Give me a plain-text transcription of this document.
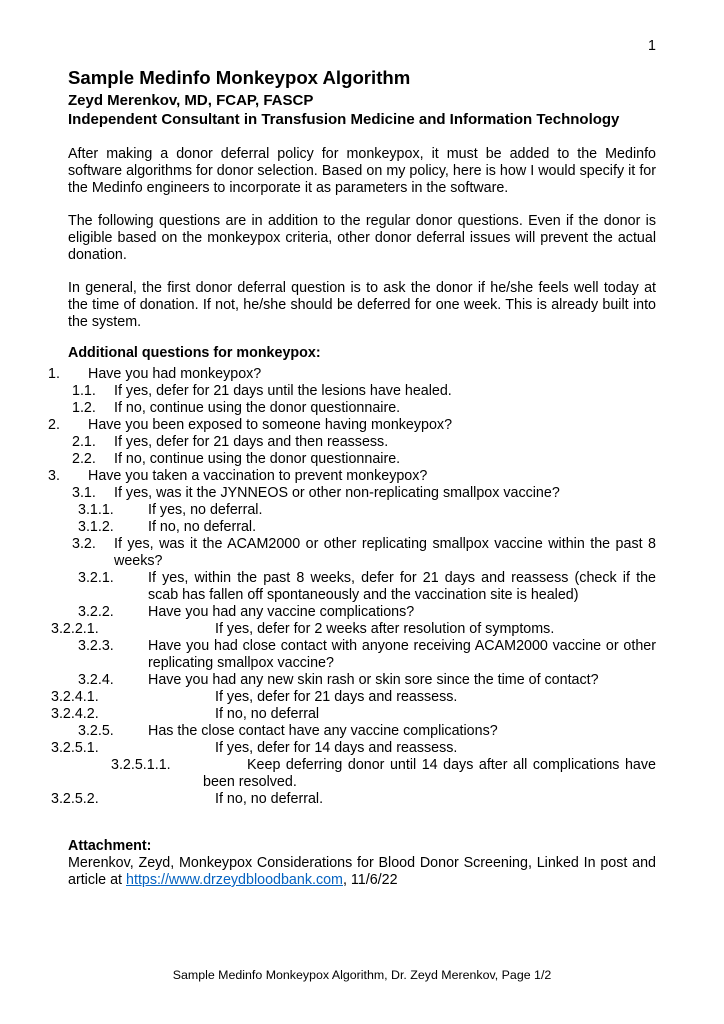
1
Sample Medinfo Monkeypox Algorithm
Zeyd Merenkov, MD, FCAP, FASCP
Independent Consultant in Transfusion Medicine and Information Technology
After making a donor deferral policy for monkeypox, it must be added to the Medinfo software algorithms for donor selection. Based on my policy, here is how I would specify it for the Medinfo engineers to incorporate it as parameters in the software.
The following questions are in addition to the regular donor questions. Even if the donor is eligible based on the monkeypox criteria, other donor deferral issues will prevent the actual donation.
In general, the first donor deferral question is to ask the donor if he/she feels well today at the time of donation. If not, he/she should be deferred for one week. This is already built into the system.
Additional questions for monkeypox:
1. Have you had monkeypox?
1.1. If yes, defer for 21 days until the lesions have healed.
1.2. If no, continue using the donor questionnaire.
2. Have you been exposed to someone having monkeypox?
2.1. If yes, defer for 21 days and then reassess.
2.2. If no, continue using the donor questionnaire.
3. Have you taken a vaccination to prevent monkeypox?
3.1. If yes, was it the JYNNEOS or other non-replicating smallpox vaccine?
3.1.1. If yes, no deferral.
3.1.2. If no, no deferral.
3.2. If yes, was it the ACAM2000 or other replicating smallpox vaccine within the past 8 weeks?
3.2.1. If yes, within the past 8 weeks, defer for 21 days and reassess (check if the scab has fallen off spontaneously and the vaccination site is healed)
3.2.2. Have you had any vaccine complications?
3.2.2.1.	If yes, defer for 2 weeks after resolution of symptoms.
3.2.3. Have you had close contact with anyone receiving ACAM2000 vaccine or other replicating smallpox vaccine?
3.2.4. Have you had any new skin rash or skin sore since the time of contact?
3.2.4.1.	If yes, defer for 21 days and reassess.
3.2.4.2.	If no, no deferral
3.2.5. Has the close contact have any vaccine complications?
3.2.5.1.	If yes, defer for 14 days and reassess.
3.2.5.1.1.	Keep deferring donor until 14 days after all complications have been resolved.
3.2.5.2.	If no, no deferral.
Attachment:
Merenkov, Zeyd, Monkeypox Considerations for Blood Donor Screening, Linked In post and article at https://www.drzeydbloodbank.com, 11/6/22
Sample Medinfo Monkeypox Algorithm, Dr. Zeyd Merenkov, Page 1/2
